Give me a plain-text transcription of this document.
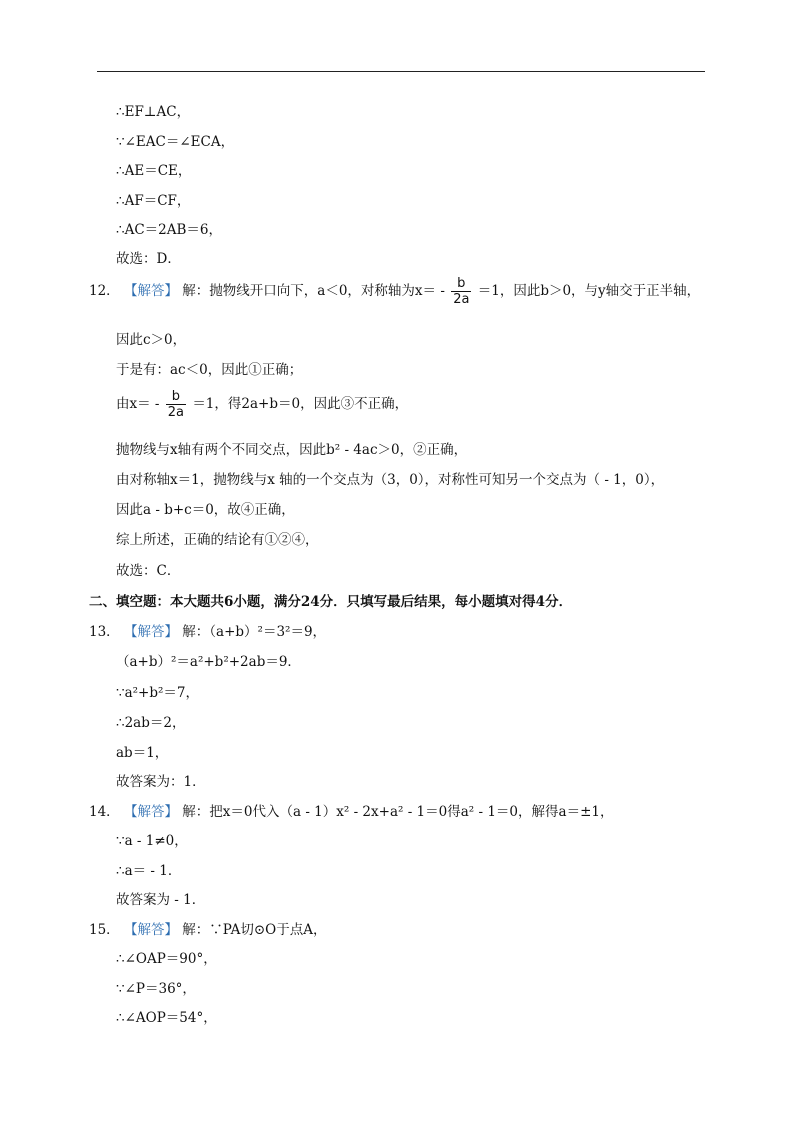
∴EF⊥AC，
∵∠EAC＝∠ECA，
∴AE＝CE，
∴AF＝CF，
∴AC＝2AB＝6，
故选：D．
12． 【解答】 解：抛物线开口向下，a＜0，对称轴为$x= - \frac{b}{2a} =1$，因此b＞0，与y轴交于正半轴，
因此c＞0，
于是有：ac＜0，因此①正确；
由$x= - \frac{b}{2a} =1$，得2a+b＝0，因此③不正确，
抛物线与x轴有两个不同交点，因此b² - 4ac＞0，②正确，
由对称轴x＝1，抛物线与x 轴的一个交点为（3，0），对称性可知另一个交点为（ - 1，0），
因此a - b+c＝0，故④正确，
综上所述，正确的结论有①②④，
故选：C．
二、填空题：本大题共6小题，满分24分．只填写最后结果，每小题填对得4分．
13． 【解答】 解：（a+b）²＝3²＝9，
（a+b）²＝a²+b²+2ab＝9．
∵a²+b²＝7，
∴2ab＝2，
ab＝1，
故答案为：1．
14． 【解答】 解：把x＝0代入（a - 1）x² - 2x+a² - 1＝0得a² - 1＝0，解得a＝±1，
∵a - 1≠0，
∴a＝ - 1．
故答案为 - 1．
15． 【解答】 解：∵PA切⊙O于点A，
∴∠OAP＝90°，
∵∠P＝36°，
∴∠AOP＝54°，
